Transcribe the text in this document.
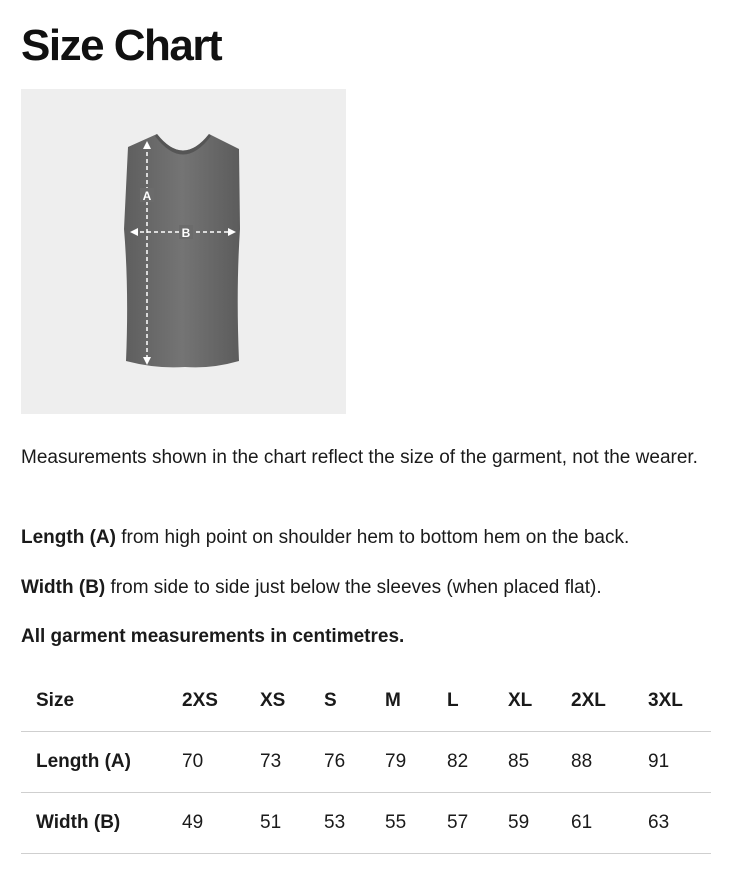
Size Chart
A
B

Measurements shown in the chart reflect the size of the garment, not the wearer.

Length (A) from high point on shoulder hem to bottom hem on the back.

Width (B) from side to side just below the sleeves (when placed flat).

All garment measurements in centimetres.

Size	2XS	XS	S	M	L	XL	2XL	3XL
Length (A)	70	73	76	79	82	85	88	91
Width (B)	49	51	53	55	57	59	61	63
